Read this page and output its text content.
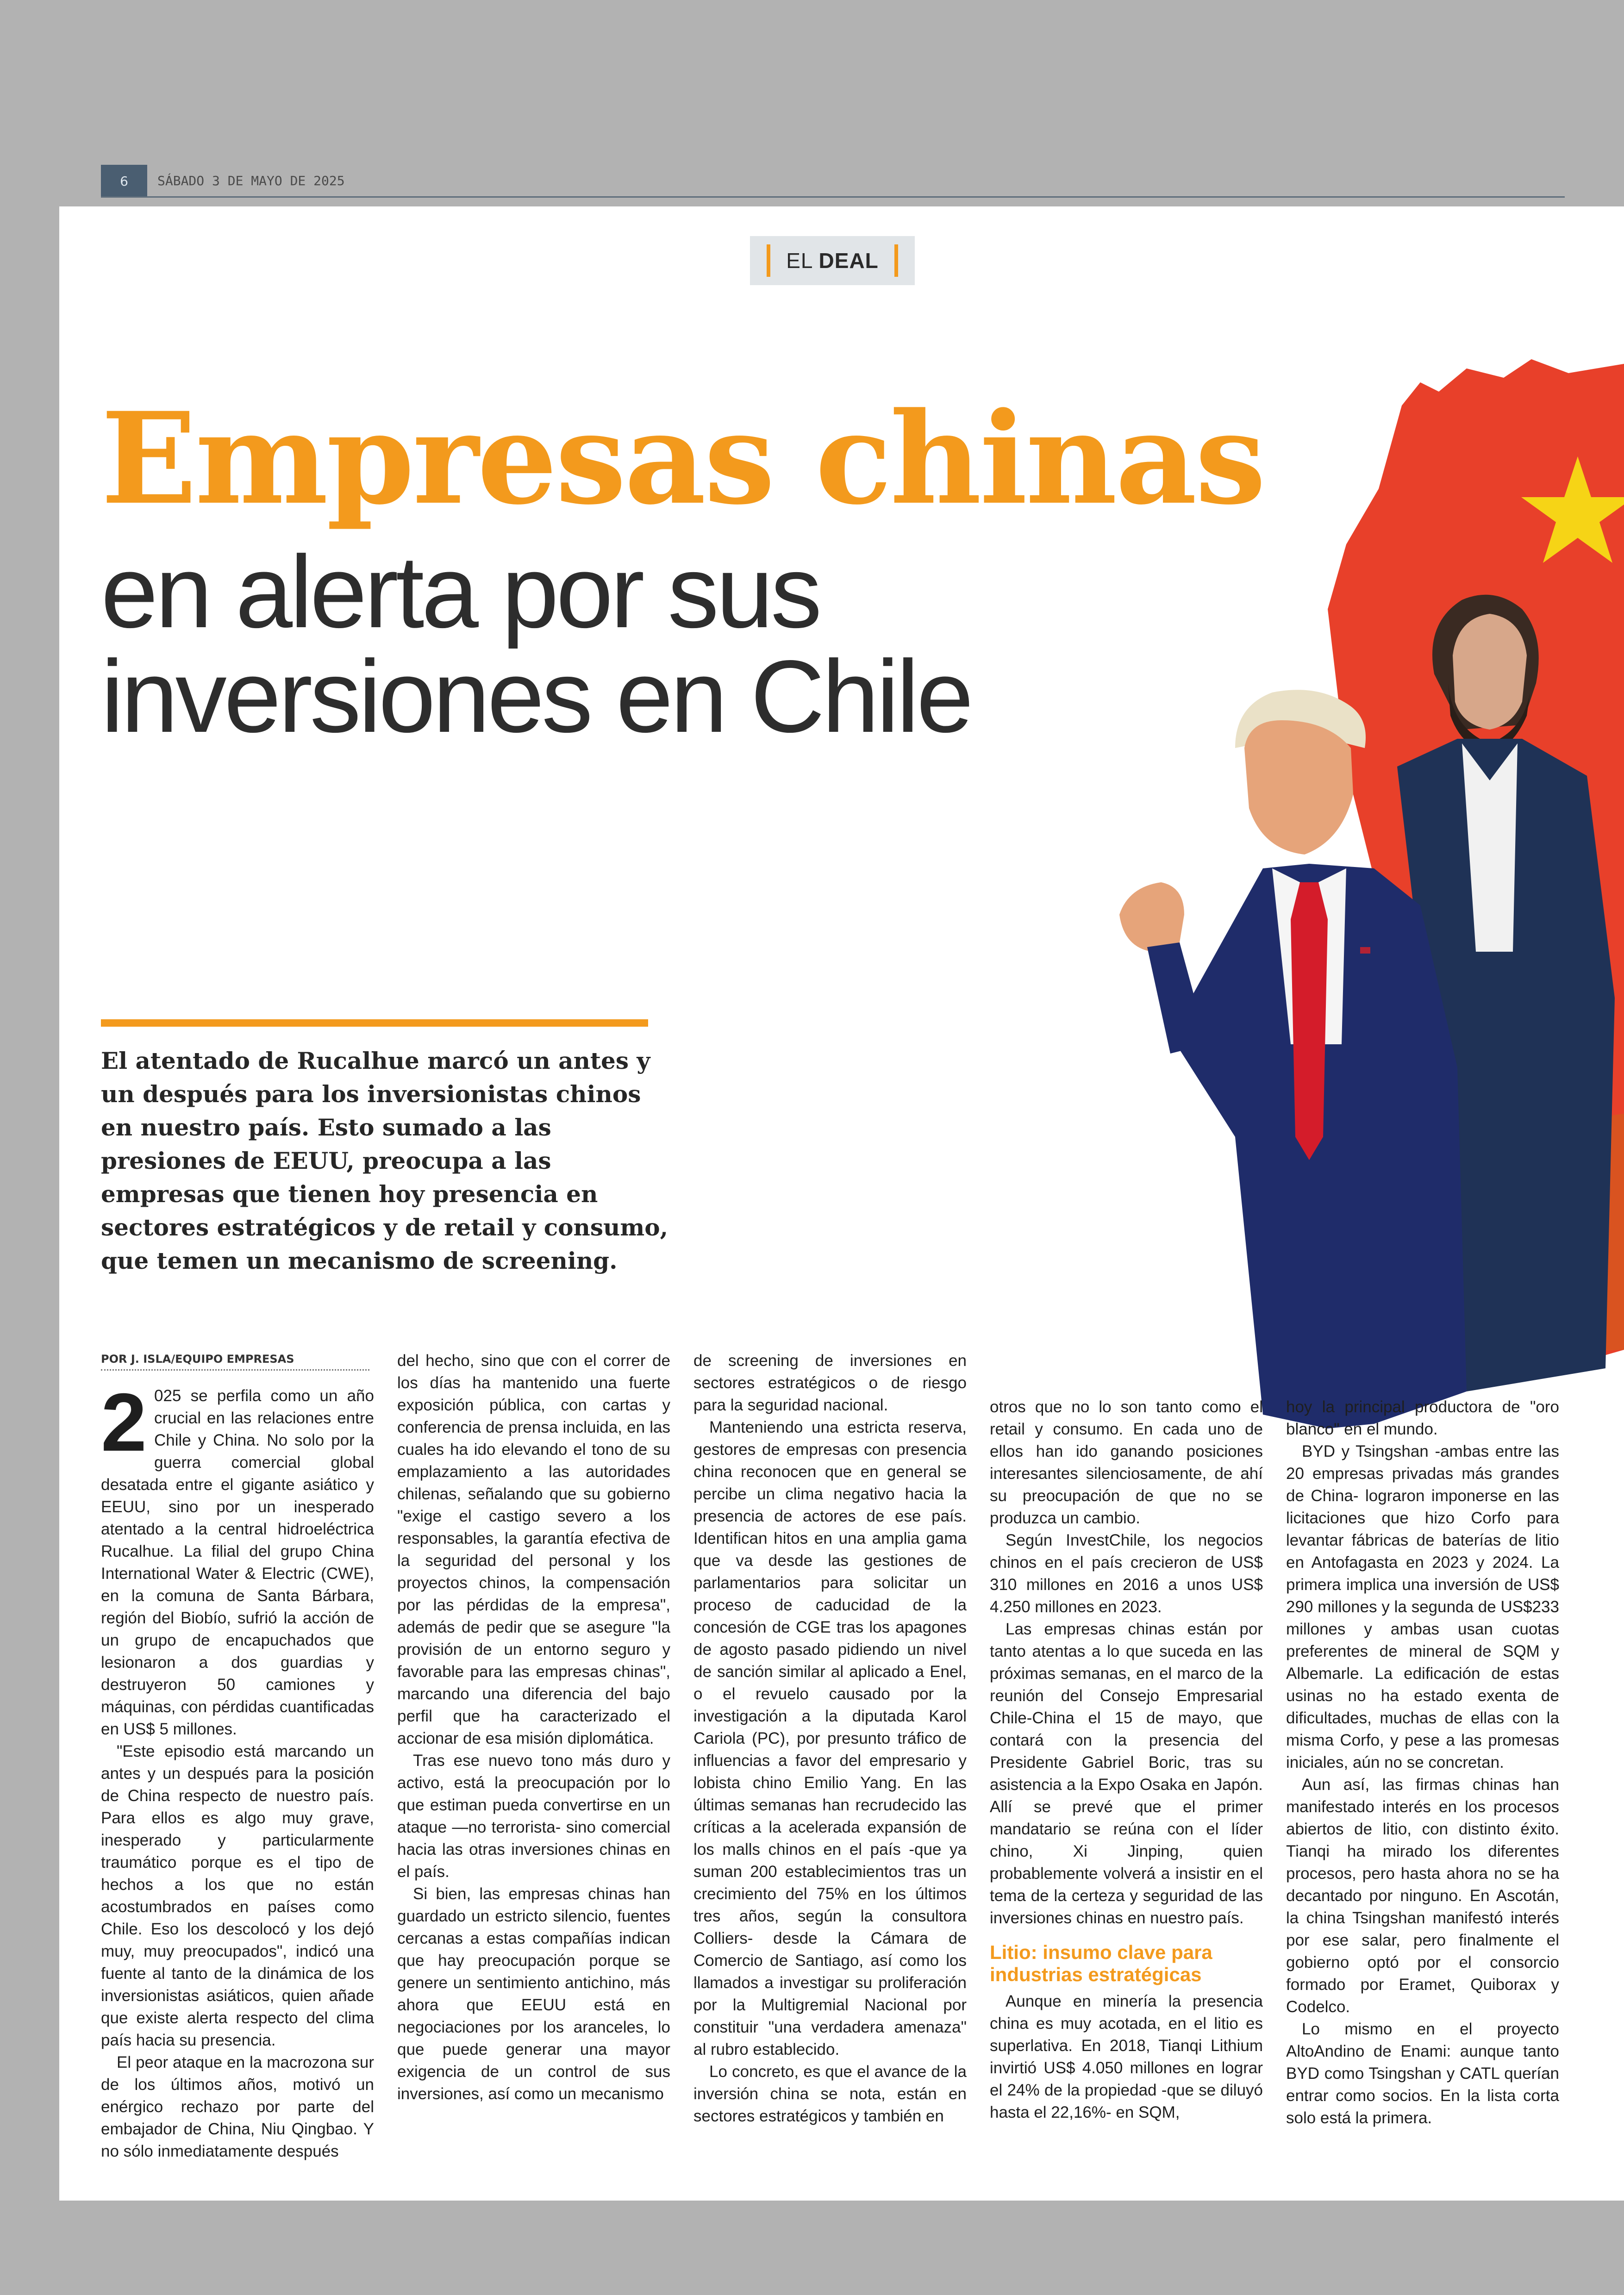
6	SÁBADO 3 DE MAYO DE 2025
EL DEAL
Empresas chinas
en alerta por sus inversiones en Chile
El atentado de Rucalhue marcó un antes y un después para los inversionistas chinos en nuestro país. Esto sumado a las presiones de EEUU, preocupa a las empresas que tienen hoy presencia en sectores estratégicos y de retail y consumo, que temen un mecanismo de screening.
POR J. ISLA/EQUIPO EMPRESAS
2 025 se perfila como un año crucial en las relaciones entre Chile y China. No solo por la guerra comercial global desatada entre el gigante asiático y EEUU, sino por un inesperado atentado a la central hidroeléctrica Rucalhue. La filial del grupo China International Water & Electric (CWE), en la comuna de Santa Bárbara, región del Biobío, sufrió la acción de un grupo de encapuchados que lesionaron a dos guardias y destruyeron 50 camiones y máquinas, con pérdidas cuantificadas en US$ 5 millones.

"Este episodio está marcando un antes y un después para la posición de China respecto de nuestro país. Para ellos es algo muy grave, inesperado y particularmente traumático porque es el tipo de hechos a los que no están acostumbrados en países como Chile. Eso los descolocó y los dejó muy, muy preocupados", indicó una fuente al tanto de la dinámica de los inversionistas asiáticos, quien añade que existe alerta respecto del clima país hacia su presencia.

El peor ataque en la macrozona sur de los últimos años, motivó un enérgico rechazo por parte del embajador de China, Niu Qingbao. Y no sólo inmediatamente después

del hecho, sino que con el correr de los días ha mantenido una fuerte exposición pública, con cartas y conferencia de prensa incluida, en las cuales ha ido elevando el tono de su emplazamiento a las autoridades chilenas, señalando que su gobierno "exige el castigo severo a los responsables, la garantía efectiva de la seguridad del personal y los proyectos chinos, la compensación por las pérdidas de la empresa", además de pedir que se asegure "la provisión de un entorno seguro y favorable para las empresas chinas", marcando una diferencia del bajo perfil que ha caracterizado el accionar de esa misión diplomática.

Tras ese nuevo tono más duro y activo, está la preocupación por lo que estiman pueda convertirse en un ataque —no terrorista- sino comercial hacia las otras inversiones chinas en el país.

Si bien, las empresas chinas han guardado un estricto silencio, fuentes cercanas a estas compañías indican que hay preocupación porque se genere un sentimiento antichino, más ahora que EEUU está en negociaciones por los aranceles, lo que puede generar una mayor exigencia de un control de sus inversiones, así como un mecanismo

de screening de inversiones en sectores estratégicos o de riesgo para la seguridad nacional.

Manteniendo una estricta reserva, gestores de empresas con presencia china reconocen que en general se percibe un clima negativo hacia la presencia de actores de ese país. Identifican hitos en una amplia gama que va desde las gestiones de parlamentarios para solicitar un proceso de caducidad de la concesión de CGE tras los apagones de agosto pasado pidiendo un nivel de sanción similar al aplicado a Enel, o el revuelo causado por la investigación a la diputada Karol Cariola (PC), por presunto tráfico de influencias a favor del empresario y lobista chino Emilio Yang. En las últimas semanas han recrudecido las críticas a la acelerada expansión de los malls chinos en el país -que ya suman 200 establecimientos tras un crecimiento del 75% en los últimos tres años, según la consultora Colliers- desde la Cámara de Comercio de Santiago, así como los llamados a investigar su proliferación por la Multigremial Nacional por constituir "una verdadera amenaza" al rubro establecido.

Lo concreto, es que el avance de la inversión china se nota, están en sectores estratégicos y también en

otros que no lo son tanto como el retail y consumo. En cada uno de ellos han ido ganando posiciones interesantes silenciosamente, de ahí su preocupación de que no se produzca un cambio.

Según InvestChile, los negocios chinos en el país crecieron de US$ 310 millones en 2016 a unos US$ 4.250 millones en 2023.

Las empresas chinas están por tanto atentas a lo que suceda en las próximas semanas, en el marco de la reunión del Consejo Empresarial Chile-China el 15 de mayo, que contará con la presencia del Presidente Gabriel Boric, tras su asistencia a la Expo Osaka en Japón. Allí se prevé que el primer mandatario se reúna con el líder chino, Xi Jinping, quien probablemente volverá a insistir en el tema de la certeza y seguridad de las inversiones chinas en nuestro país.

Litio: insumo clave para industrias estratégicas

Aunque en minería la presencia china es muy acotada, en el litio es superlativa. En 2018, Tianqi Lithium invirtió US$ 4.050 millones en lograr el 24% de la propiedad -que se diluyó hasta el 22,16%- en SQM,

hoy la principal productora de "oro blanco" en el mundo.

BYD y Tsingshan -ambas entre las 20 empresas privadas más grandes de China- lograron imponerse en las licitaciones que hizo Corfo para levantar fábricas de baterías de litio en Antofagasta en 2023 y 2024. La primera implica una inversión de US$ 290 millones y la segunda de US$233 millones y ambas usan cuotas preferentes de mineral de SQM y Albemarle. La edificación de estas usinas no ha estado exenta de dificultades, muchas de ellas con la misma Corfo, y pese a las promesas iniciales, aún no se concretan.

Aun así, las firmas chinas han manifestado interés en los procesos abiertos de litio, con distinto éxito. Tianqi ha mirado los diferentes procesos, pero hasta ahora no se ha decantado por ninguno. En Ascotán, la china Tsingshan manifestó interés por ese salar, pero finalmente el gobierno optó por el consorcio formado por Eramet, Quiborax y Codelco.

Lo mismo en el proyecto AltoAndino de Enami: aunque tanto BYD como Tsingshan y CATL querían entrar como socios. En la lista corta solo está la primera.
